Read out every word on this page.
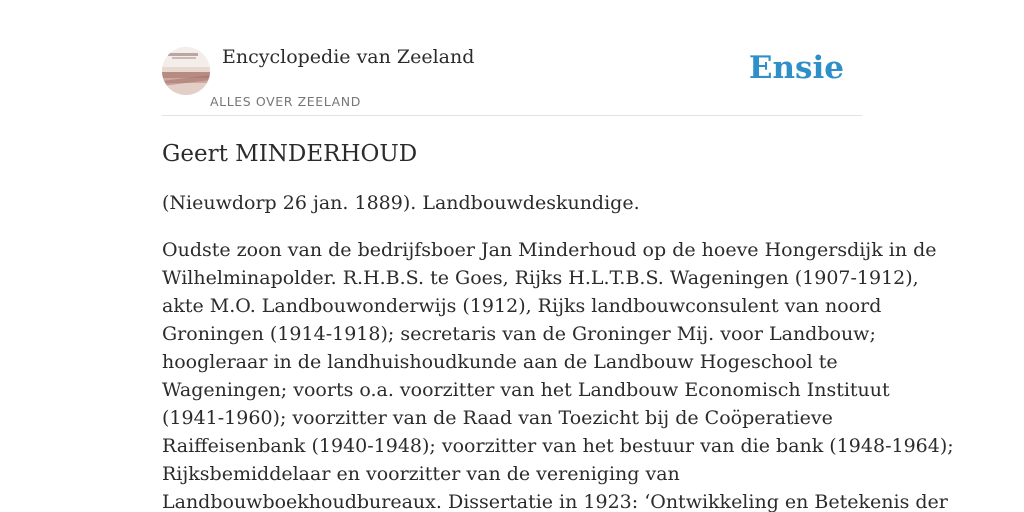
Encyclopedie van Zeeland
ALLES OVER ZEELAND
Ensie
Geert MINDERHOUD

(Nieuwdorp 26 jan. 1889). Landbouwdeskundige.

Oudste zoon van de bedrijfsboer Jan Minderhoud op de hoeve Hongersdijk in de
Wilhelminapolder. R.H.B.S. te Goes, Rijks H.L.T.B.S. Wageningen (1907-1912),
akte M.O. Landbouwonderwijs (1912), Rijks landbouwconsulent van noord
Groningen (1914-1918); secretaris van de Groninger Mij. voor Landbouw;
hoogleraar in de landhuishoudkunde aan de Landbouw Hogeschool te
Wageningen; voorts o.a. voorzitter van het Landbouw Economisch Instituut
(1941-1960); voorzitter van de Raad van Toezicht bij de Coöperatieve
Raiffeisenbank (1940-1948); voorzitter van het bestuur van die bank (1948-1964);
Rijksbemiddelaar en voorzitter van de vereniging van
Landbouwboekhoudbureaux. Dissertatie in 1923: ‘Ontwikkeling en Betekenis der
